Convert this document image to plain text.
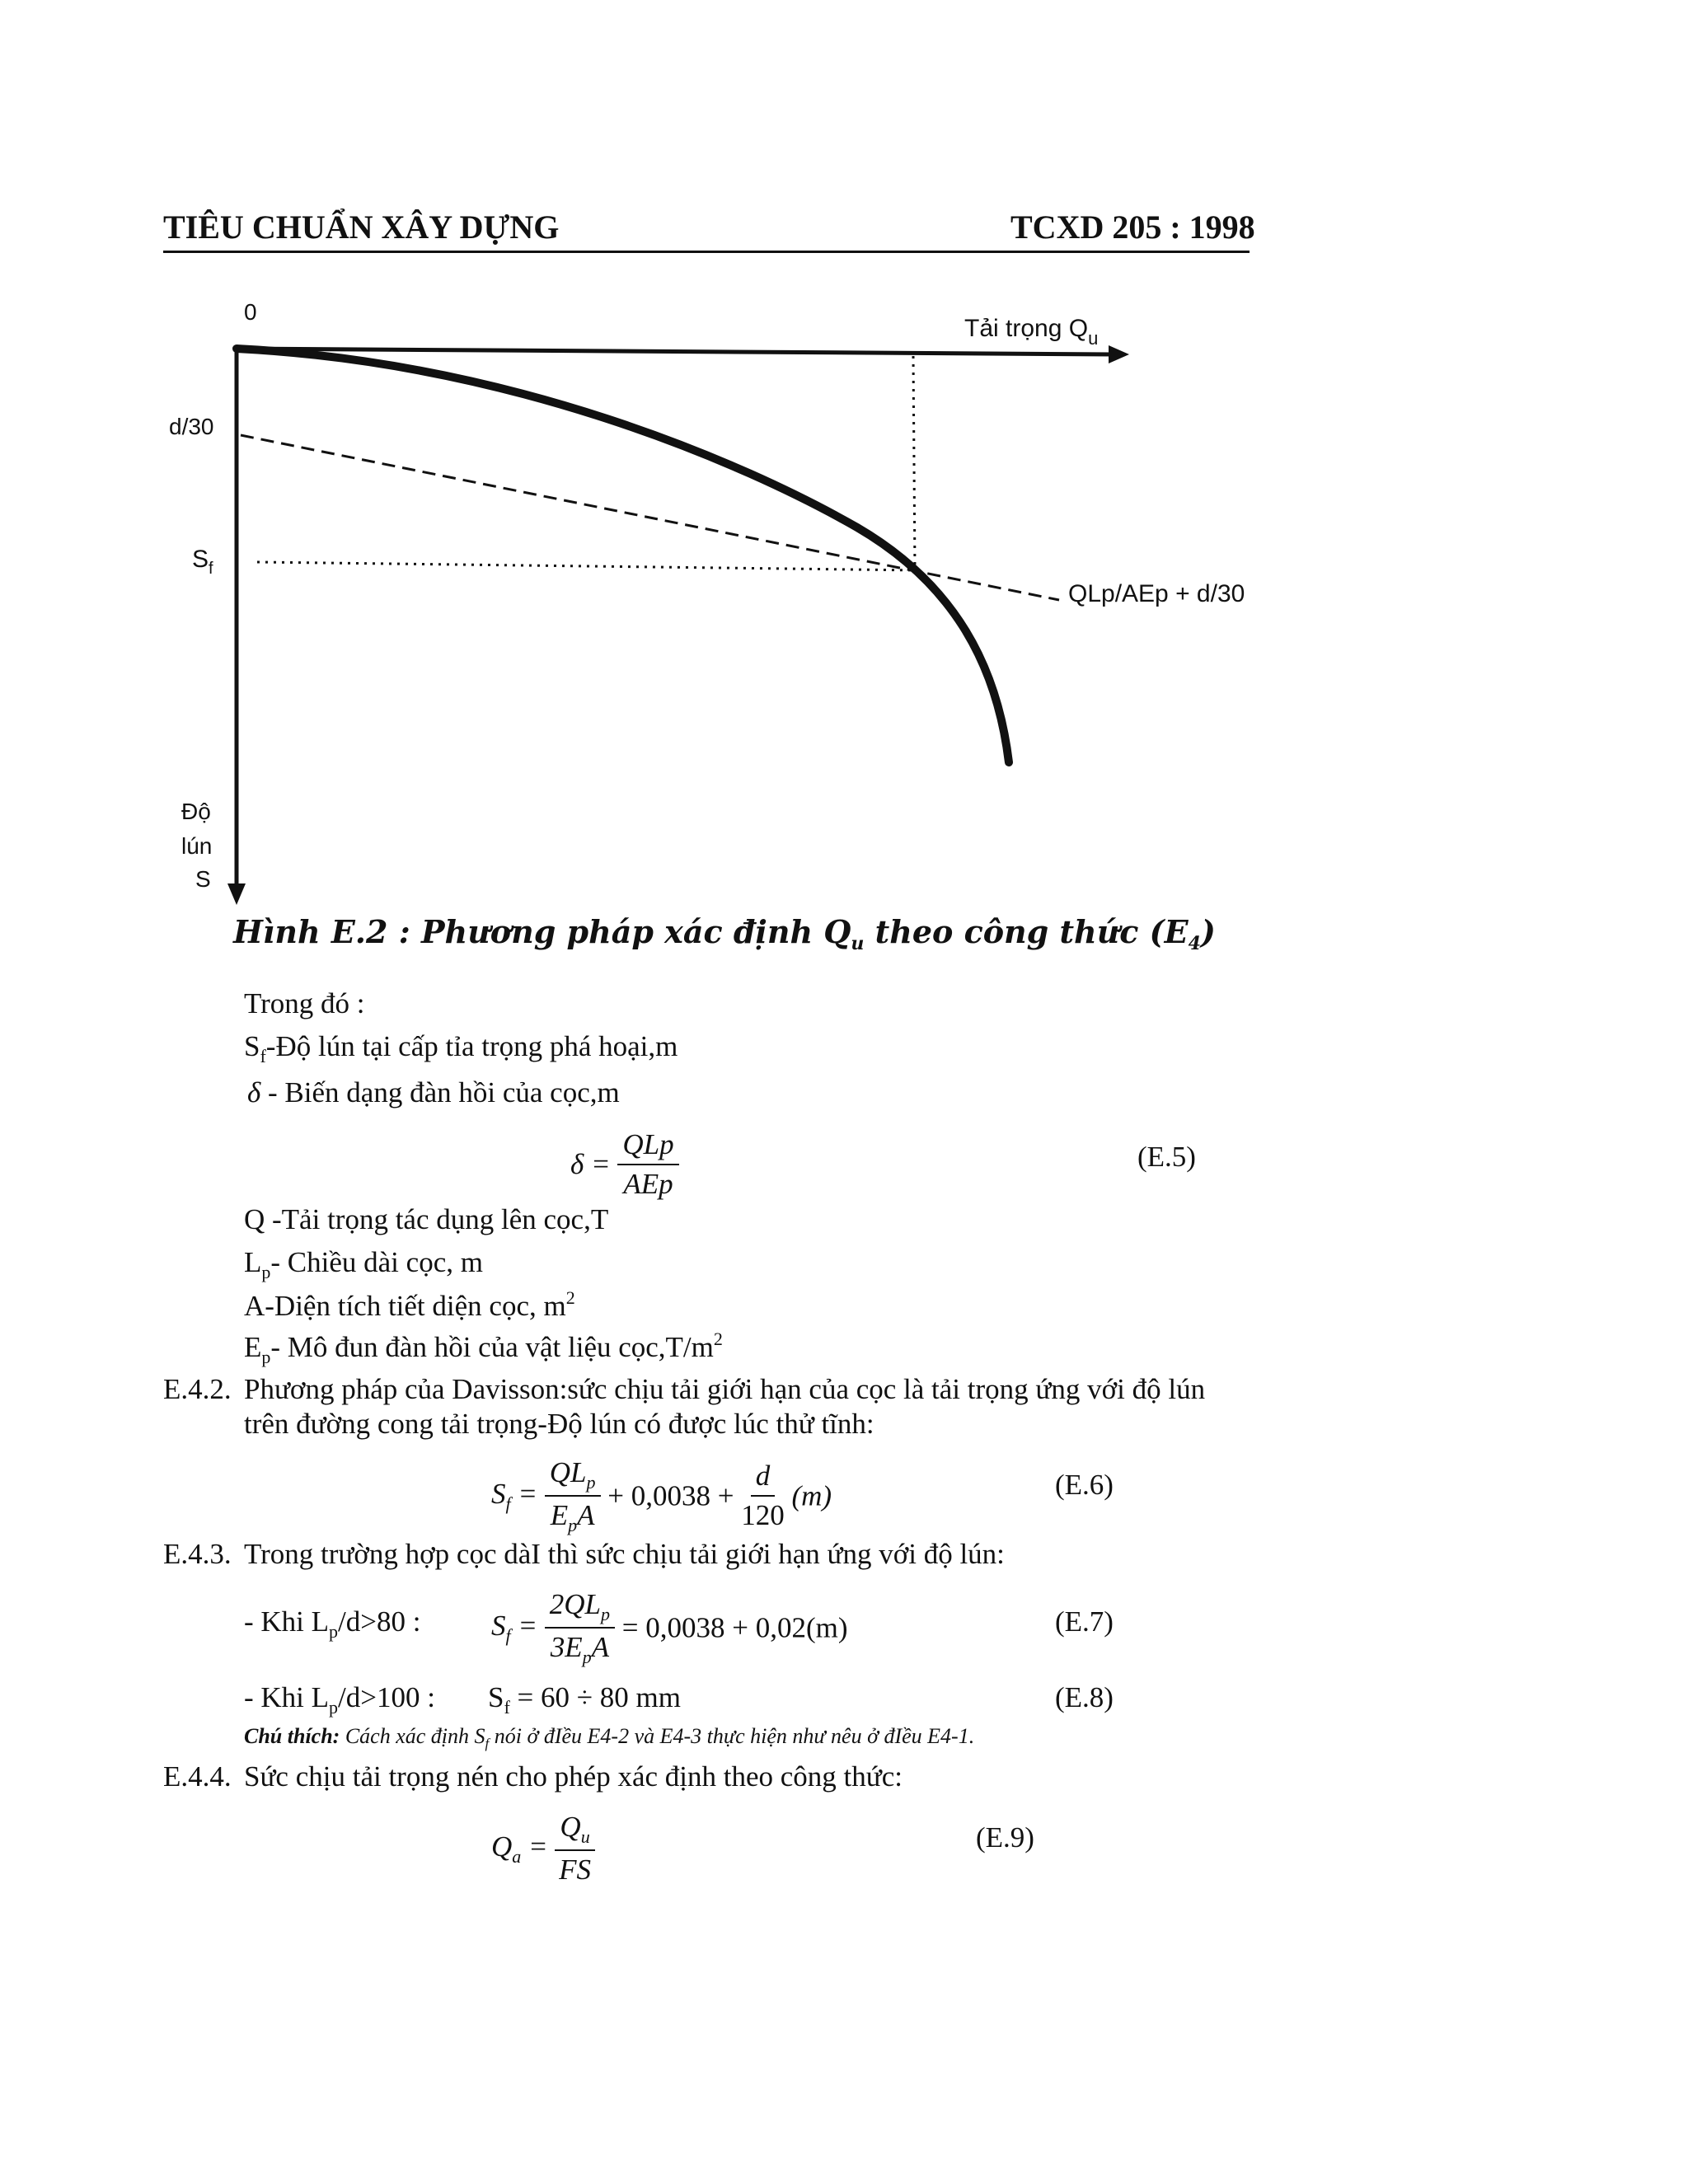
TIÊU CHUẨN XÂY DỰNG	TCXD 205 : 1998
0
Tải trọng $Q_u$
d/30
$S_f$
Độ
lún
S
QLp/AEp + d/30
Hình E.2 : Phương pháp xác định $Q_u$ theo công thức $(E_4)$
Trong đó :
$S_f-Độ$ lún tại cấp tỉa trọng phá hoại,m
δ - Biến dạng đàn hồi của cọc,m
$\delta = \frac{\text{QLp}}{\text{AEp}}$	(E.5)
Q -Tải trọng tác dụng lên cọc,T
$L_p-$ Chiều dài cọc, m
A-Diện tích tiết diện cọc, $m^2$
$E_p-$ Mô đun đàn hồi của vật liệu $cọc,T/m^2$
E.4.2. Phương pháp của Davisson:sức chịu tải giới hạn của cọc là tải trọng ứng với độ lún
trên đường cong tải trọng-Độ lún có được lúc thử tĩnh:
$S_f = \frac{QL_p}{E_pA} + 0,0038 + \frac{d}{120} (m)$	(E.6)
E.4.3. Trong trường hợp cọc dàI thì sức chịu tải giới hạn ứng với độ lún:
- Khi $L_p/d>80$ : $S_f = \frac{2QL_p}{3E_pA} = 0,0038 + 0,02(m)$	(E.7)
- Khi $L_p/d>100$ : $S_f = 60 \div 80$ mm	(E.8)
Chú thích: Cách xác định $S_f$ nói ở đIều E4-2 và E4-3 thực hiện như nêu ở đIều E4-1.
E.4.4. Sức chịu tải trọng nén cho phép xác định theo công thức:
$Q_a = \frac{Q_u}{FS}$	(E.9)
